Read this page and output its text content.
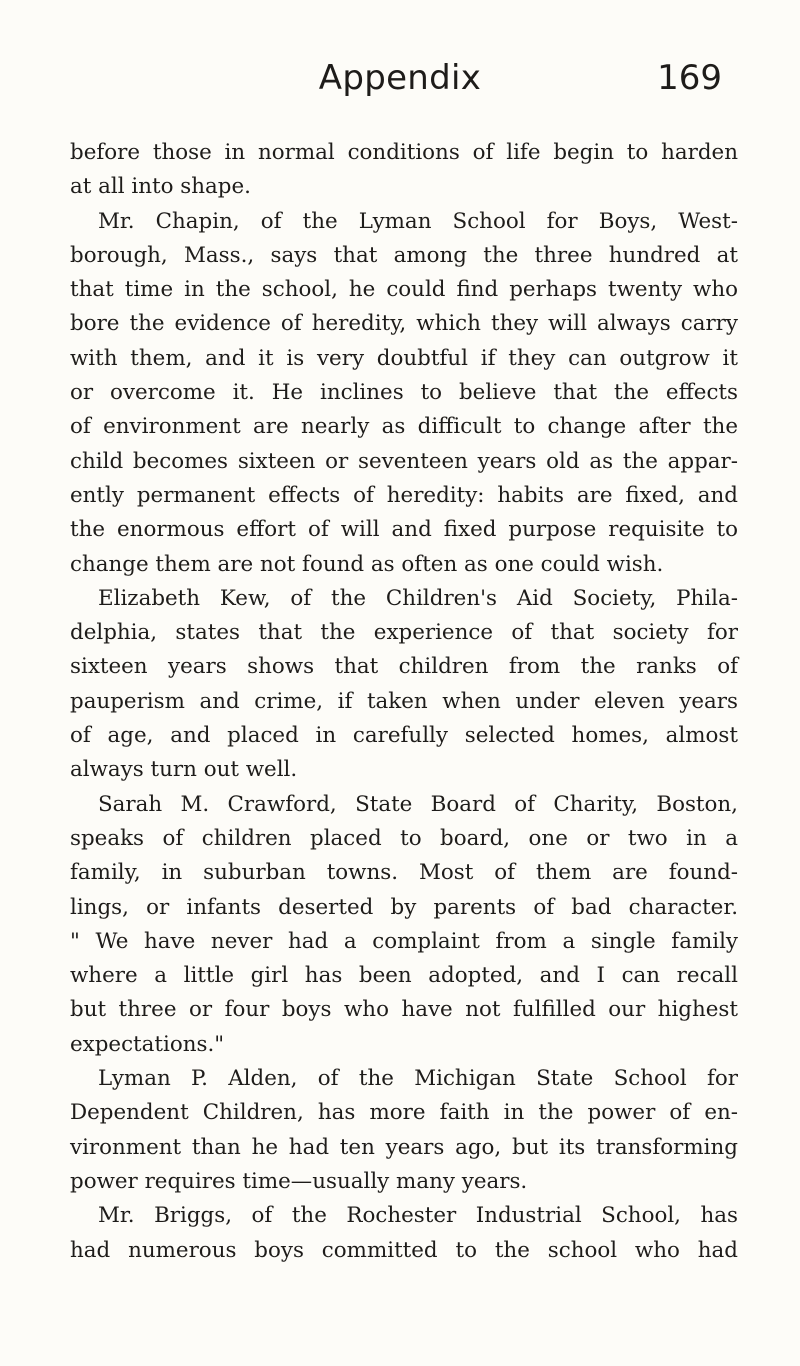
Appendix	169
before those in normal conditions of life begin to harden
at all into shape.
Mr. Chapin, of the Lyman School for Boys, West-
borough, Mass., says that among the three hundred at
that time in the school, he could find perhaps twenty who
bore the evidence of heredity, which they will always carry
with them, and it is very doubtful if they can outgrow it
or overcome it. He inclines to believe that the effects
of environment are nearly as difficult to change after the
child becomes sixteen or seventeen years old as the appar-
ently permanent effects of heredity: habits are fixed, and
the enormous effort of will and fixed purpose requisite to
change them are not found as often as one could wish.
Elizabeth Kew, of the Children's Aid Society, Phila-
delphia, states that the experience of that society for
sixteen years shows that children from the ranks of
pauperism and crime, if taken when under eleven years
of age, and placed in carefully selected homes, almost
always turn out well.
Sarah M. Crawford, State Board of Charity, Boston,
speaks of children placed to board, one or two in a
family, in suburban towns. Most of them are found-
lings, or infants deserted by parents of bad character.
" We have never had a complaint from a single family
where a little girl has been adopted, and I can recall
but three or four boys who have not fulfilled our highest
expectations."
Lyman P. Alden, of the Michigan State School for
Dependent Children, has more faith in the power of en-
vironment than he had ten years ago, but its transforming
power requires time—usually many years.
Mr. Briggs, of the Rochester Industrial School, has
had numerous boys committed to the school who had
